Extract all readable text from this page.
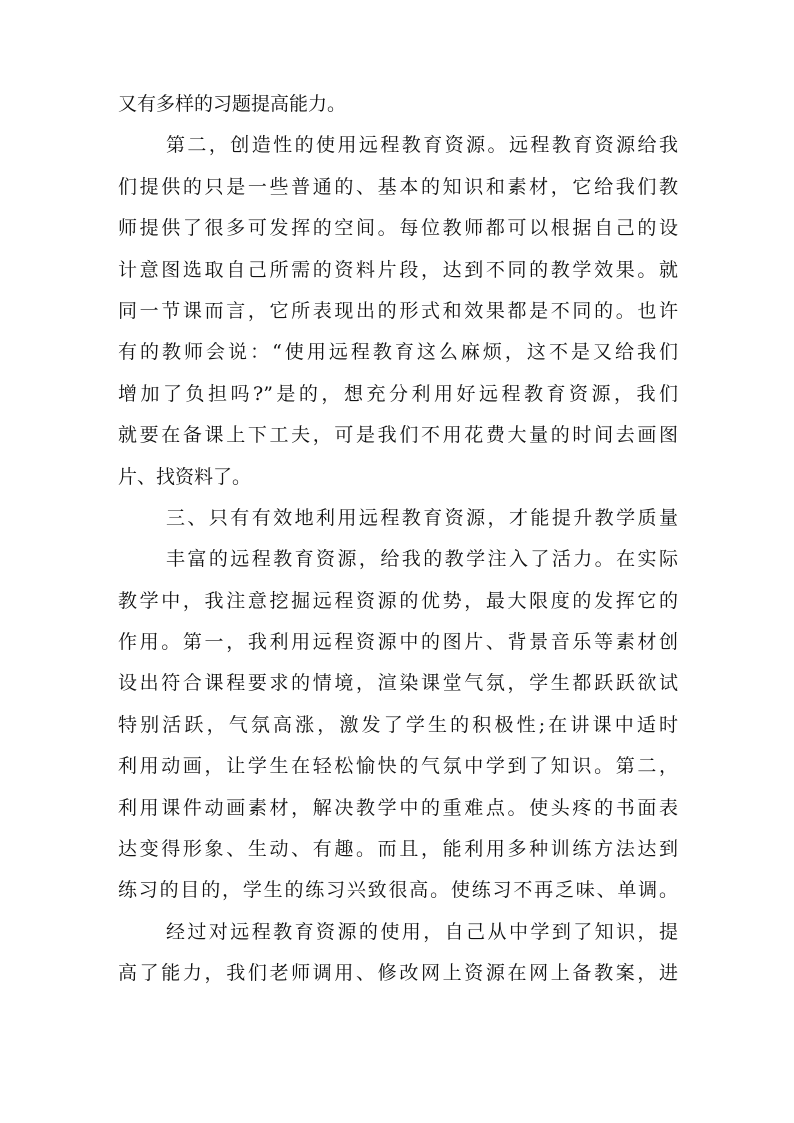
又有多样的习题提高能力。
第二，创造性的使用远程教育资源。远程教育资源给我
们提供的只是一些普通的、基本的知识和素材，它给我们教
师提供了很多可发挥的空间。每位教师都可以根据自己的设
计意图选取自己所需的资料片段，达到不同的教学效果。就
同一节课而言，它所表现出的形式和效果都是不同的。也许
有的教师会说：“使用远程教育这么麻烦，这不是又给我们
增加了负担吗?”是的，想充分利用好远程教育资源，我们
就要在备课上下工夫，可是我们不用花费大量的时间去画图
片、找资料了。
三、只有有效地利用远程教育资源，才能提升教学质量
丰富的远程教育资源，给我的教学注入了活力。在实际
教学中，我注意挖掘远程资源的优势，最大限度的发挥它的
作用。第一，我利用远程资源中的图片、背景音乐等素材创
设出符合课程要求的情境，渲染课堂气氛，学生都跃跃欲试
特别活跃，气氛高涨，激发了学生的积极性;在讲课中适时
利用动画，让学生在轻松愉快的气氛中学到了知识。第二，
利用课件动画素材，解决教学中的重难点。使头疼的书面表
达变得形象、生动、有趣。而且，能利用多种训练方法达到
练习的目的，学生的练习兴致很高。使练习不再乏味、单调。
经过对远程教育资源的使用，自己从中学到了知识，提
高了能力，我们老师调用、修改网上资源在网上备教案，进
